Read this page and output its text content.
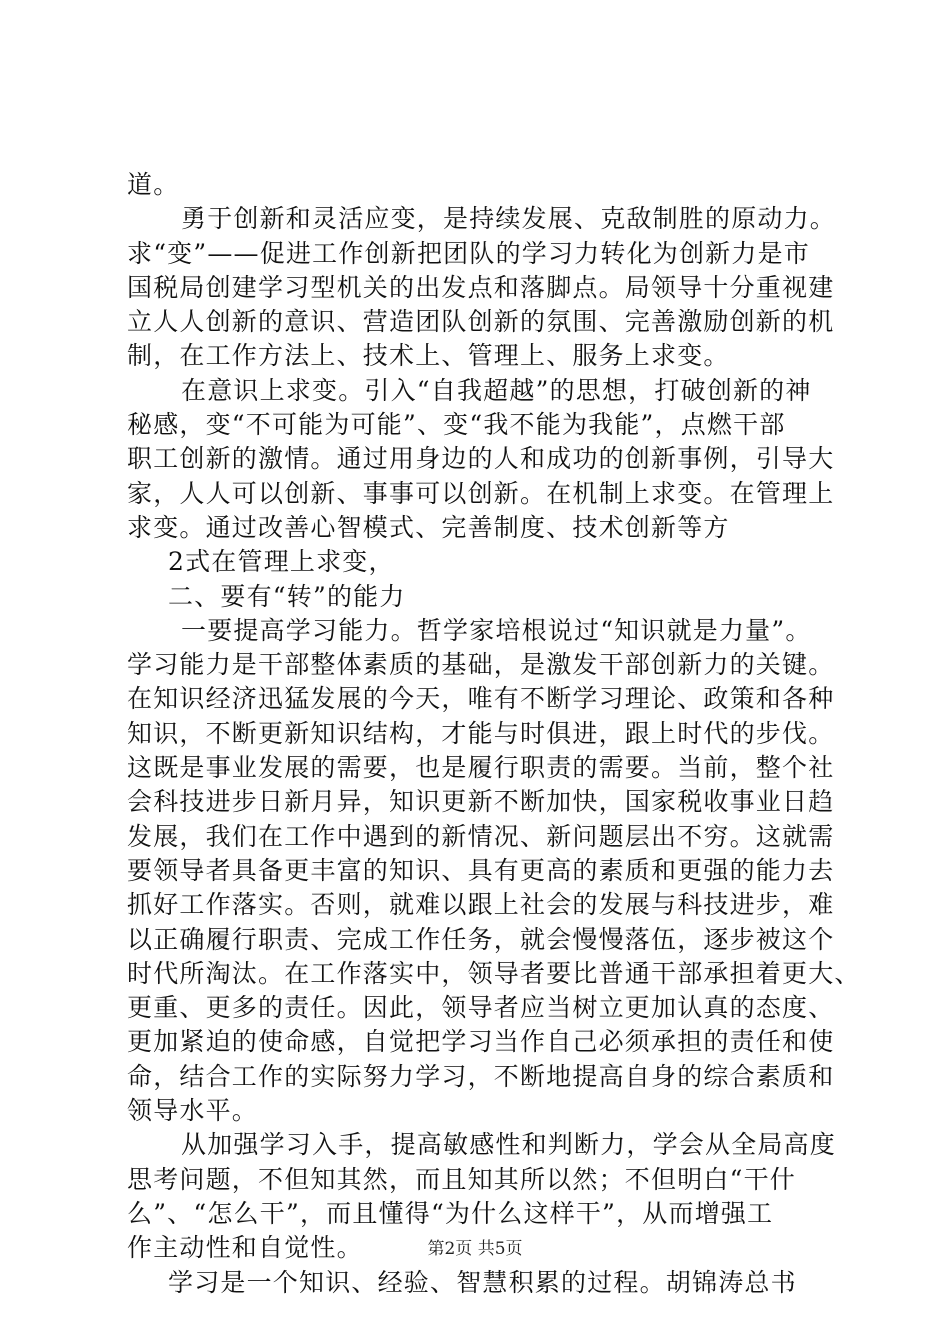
道。
勇于创新和灵活应变，是持续发展、克敌制胜的原动力。
求“变”——促进工作创新把团队的学习力转化为创新力是市
国税局创建学习型机关的出发点和落脚点。局领导十分重视建
立人人创新的意识、营造团队创新的氛围、完善激励创新的机
制，在工作方法上、技术上、管理上、服务上求变。
在意识上求变。引入“自我超越”的思想，打破创新的神
秘感，变“不可能为可能”、变“我不能为我能”，点燃干部
职工创新的激情。通过用身边的人和成功的创新事例，引导大
家，人人可以创新、事事可以创新。在机制上求变。在管理上
求变。通过改善心智模式、完善制度、技术创新等方
2式在管理上求变，
二、要有“转”的能力
一要提高学习能力。哲学家培根说过“知识就是力量”。
学习能力是干部整体素质的基础，是激发干部创新力的关键。
在知识经济迅猛发展的今天，唯有不断学习理论、政策和各种
知识，不断更新知识结构，才能与时俱进，跟上时代的步伐。
这既是事业发展的需要，也是履行职责的需要。当前，整个社
会科技进步日新月异，知识更新不断加快，国家税收事业日趋
发展，我们在工作中遇到的新情况、新问题层出不穷。这就需
要领导者具备更丰富的知识、具有更高的素质和更强的能力去
抓好工作落实。否则，就难以跟上社会的发展与科技进步，难
以正确履行职责、完成工作任务，就会慢慢落伍，逐步被这个
时代所淘汰。在工作落实中，领导者要比普通干部承担着更大、
更重、更多的责任。因此，领导者应当树立更加认真的态度、
更加紧迫的使命感，自觉把学习当作自己必须承担的责任和使
命，结合工作的实际努力学习，不断地提高自身的综合素质和
领导水平。
从加强学习入手，提高敏感性和判断力，学会从全局高度
思考问题，不但知其然，而且知其所以然；不但明白“干什
么”、“怎么干”，而且懂得“为什么这样干”，从而增强工
作主动性和自觉性。
学习是一个知识、经验、智慧积累的过程。胡锦涛总书
第2页 共5页
